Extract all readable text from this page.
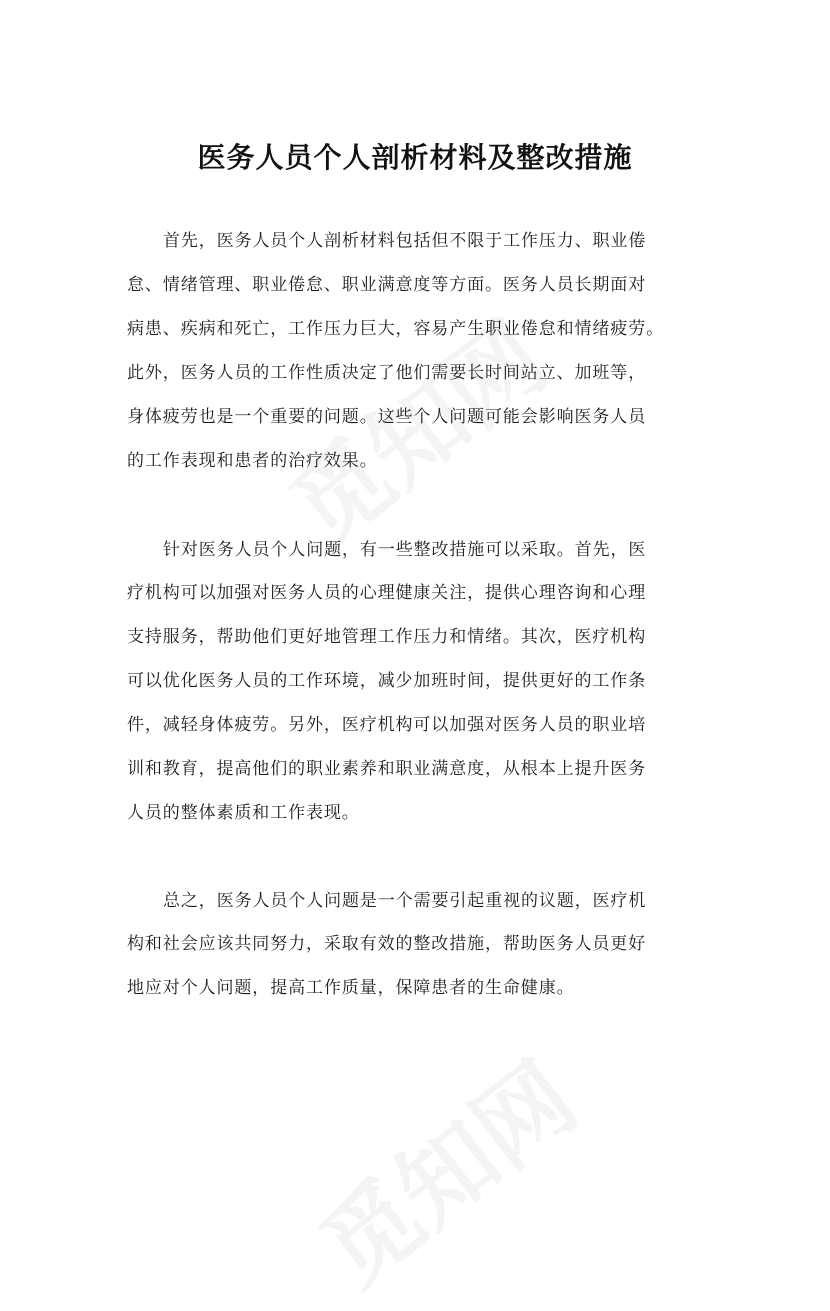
医务人员个人剖析材料及整改措施

首先，医务人员个人剖析材料包括但不限于工作压力、职业倦

怠、情绪管理、职业倦怠、职业满意度等方面。医务人员长期面对

病患、疾病和死亡，工作压力巨大，容易产生职业倦怠和情绪疲劳。

此外，医务人员的工作性质决定了他们需要长时间站立、加班等，

身体疲劳也是一个重要的问题。这些个人问题可能会影响医务人员

的工作表现和患者的治疗效果。

针对医务人员个人问题，有一些整改措施可以采取。首先，医

疗机构可以加强对医务人员的心理健康关注，提供心理咨询和心理

支持服务，帮助他们更好地管理工作压力和情绪。其次，医疗机构

可以优化医务人员的工作环境，减少加班时间，提供更好的工作条

件，减轻身体疲劳。另外，医疗机构可以加强对医务人员的职业培

训和教育，提高他们的职业素养和职业满意度，从根本上提升医务

人员的整体素质和工作表现。

总之，医务人员个人问题是一个需要引起重视的议题，医疗机

构和社会应该共同努力，采取有效的整改措施，帮助医务人员更好

地应对个人问题，提高工作质量，保障患者的生命健康。
